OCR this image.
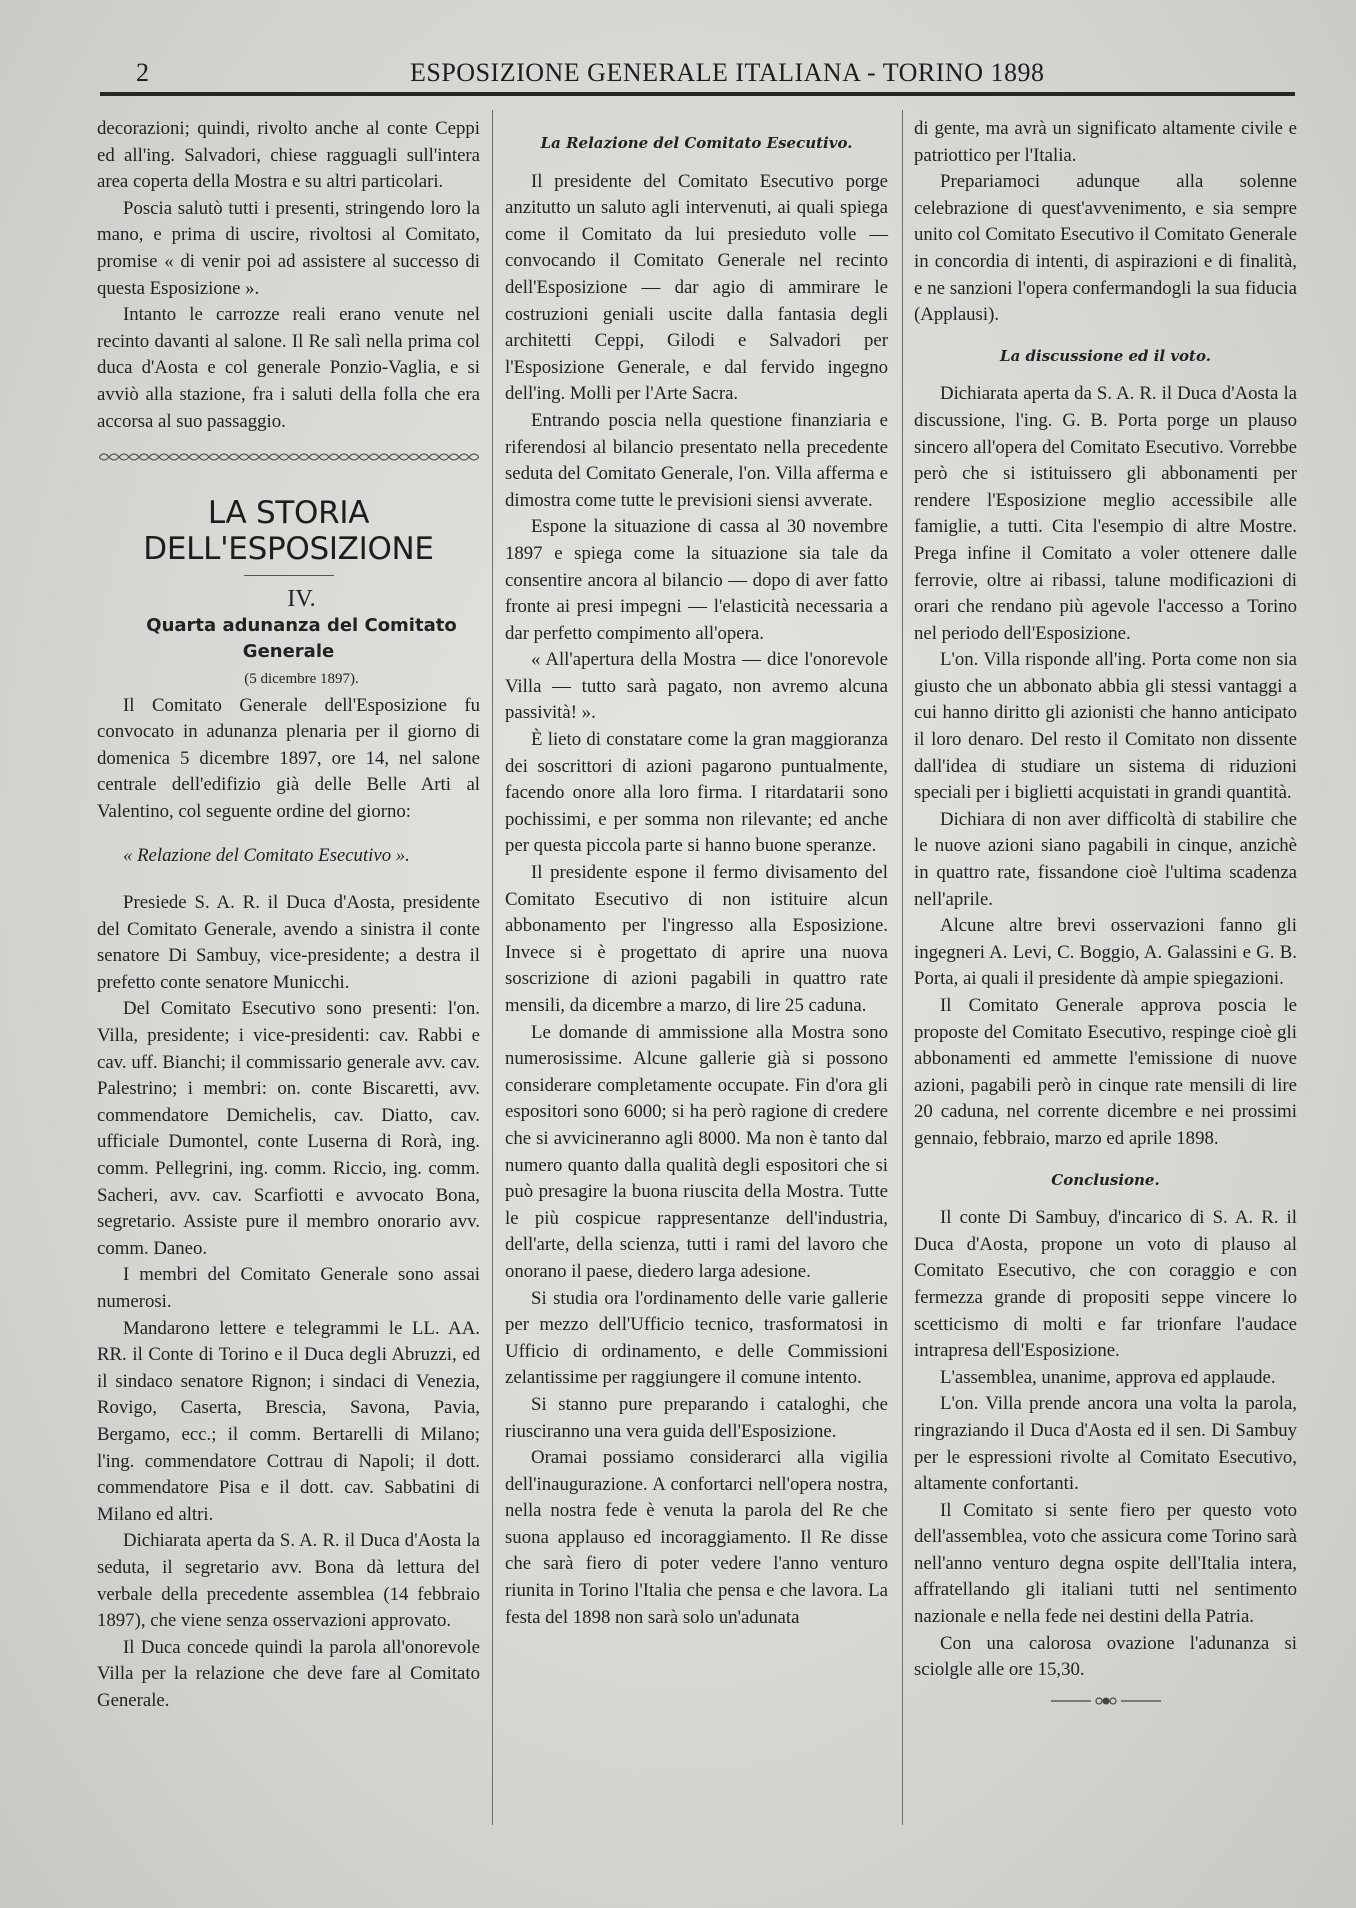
2	ESPOSIZIONE GENERALE ITALIANA - TORINO 1898

decorazioni; quindi, rivolto anche al conte Ceppi ed all'ing. Salvadori, chiese ragguagli sull'intera area coperta della Mostra e su altri particolari.

Poscia salutò tutti i presenti, stringendo loro la mano, e prima di uscire, rivoltosi al Comitato, promise « di venir poi ad assistere al successo di questa Esposizione ».

Intanto le carrozze reali erano venute nel recinto davanti al salone. Il Re salì nella prima col duca d'Aosta e col generale Ponzio-Vaglia, e si avviò alla stazione, fra i saluti della folla che era accorsa al suo passaggio.

LA STORIA DELL'ESPOSIZIONE

IV.

Quarta adunanza del Comitato Generale

(5 dicembre 1897).

Il Comitato Generale dell'Esposizione fu convocato in adunanza plenaria per il giorno di domenica 5 dicembre 1897, ore 14, nel salone centrale dell'edifizio già delle Belle Arti al Valentino, col seguente ordine del giorno:

« Relazione del Comitato Esecutivo ».

Presiede S. A. R. il Duca d'Aosta, presidente del Comitato Generale, avendo a sinistra il conte senatore Di Sambuy, vice-presidente; a destra il prefetto conte senatore Municchi.

Del Comitato Esecutivo sono presenti: l'on. Villa, presidente; i vice-presidenti: cav. Rabbi e cav. uff. Bianchi; il commissario generale avv. cav. Palestrino; i membri: on. conte Biscaretti, avv. commendatore Demichelis, cav. Diatto, cav. ufficiale Dumontel, conte Luserna di Rorà, ing. comm. Pellegrini, ing. comm. Riccio, ing. comm. Sacheri, avv. cav. Scarfiotti e avvocato Bona, segretario. Assiste pure il membro onorario avv. comm. Daneo.

I membri del Comitato Generale sono assai numerosi.

Mandarono lettere e telegrammi le LL. AA. RR. il Conte di Torino e il Duca degli Abruzzi, ed il sindaco senatore Rignon; i sindaci di Venezia, Rovigo, Caserta, Brescia, Savona, Pavia, Bergamo, ecc.; il comm. Bertarelli di Milano; l'ing. commendatore Cottrau di Napoli; il dott. commendatore Pisa e il dott. cav. Sabbatini di Milano ed altri.

Dichiarata aperta da S. A. R. il Duca d'Aosta la seduta, il segretario avv. Bona dà lettura del verbale della precedente assemblea (14 febbraio 1897), che viene senza osservazioni approvato.

Il Duca concede quindi la parola all'onorevole Villa per la relazione che deve fare al Comitato Generale.

La Relazione del Comitato Esecutivo.

Il presidente del Comitato Esecutivo porge anzitutto un saluto agli intervenuti, ai quali spiega come il Comitato da lui presieduto volle — convocando il Comitato Generale nel recinto dell'Esposizione — dar agio di ammirare le costruzioni geniali uscite dalla fantasia degli architetti Ceppi, Gilodi e Salvadori per l'Esposizione Generale, e dal fervido ingegno dell'ing. Molli per l'Arte Sacra.

Entrando poscia nella questione finanziaria e riferendosi al bilancio presentato nella precedente seduta del Comitato Generale, l'on. Villa afferma e dimostra come tutte le previsioni siensi avverate.

Espone la situazione di cassa al 30 novembre 1897 e spiega come la situazione sia tale da consentire ancora al bilancio — dopo di aver fatto fronte ai presi impegni — l'elasticità necessaria a dar perfetto compimento all'opera.

« All'apertura della Mostra — dice l'onorevole Villa — tutto sarà pagato, non avremo alcuna passività! ».

È lieto di constatare come la gran maggioranza dei soscrittori di azioni pagarono puntualmente, facendo onore alla loro firma. I ritardatarii sono pochissimi, e per somma non rilevante; ed anche per questa piccola parte si hanno buone speranze.

Il presidente espone il fermo divisamento del Comitato Esecutivo di non istituire alcun abbonamento per l'ingresso alla Esposizione. Invece si è progettato di aprire una nuova soscrizione di azioni pagabili in quattro rate mensili, da dicembre a marzo, di lire 25 caduna.

Le domande di ammissione alla Mostra sono numerosissime. Alcune gallerie già si possono considerare completamente occupate. Fin d'ora gli espositori sono 6000; si ha però ragione di credere che si avvicineranno agli 8000. Ma non è tanto dal numero quanto dalla qualità degli espositori che si può presagire la buona riuscita della Mostra. Tutte le più cospicue rappresentanze dell'industria, dell'arte, della scienza, tutti i rami del lavoro che onorano il paese, diedero larga adesione.

Si studia ora l'ordinamento delle varie gallerie per mezzo dell'Ufficio tecnico, trasformatosi in Ufficio di ordinamento, e delle Commissioni zelantissime per raggiungere il comune intento.

Si stanno pure preparando i cataloghi, che riusciranno una vera guida dell'Esposizione.

Oramai possiamo considerarci alla vigilia dell'inaugurazione. A confortarci nell'opera nostra, nella nostra fede è venuta la parola del Re che suona applauso ed incoraggiamento. Il Re disse che sarà fiero di poter vedere l'anno venturo riunita in Torino l'Italia che pensa e che lavora. La festa del 1898 non sarà solo un'adunata

di gente, ma avrà un significato altamente civile e patriottico per l'Italia.

Prepariamoci adunque alla solenne celebrazione di quest'avvenimento, e sia sempre unito col Comitato Esecutivo il Comitato Generale in concordia di intenti, di aspirazioni e di finalità, e ne sanzioni l'opera confermandogli la sua fiducia (Applausi).

La discussione ed il voto.

Dichiarata aperta da S. A. R. il Duca d'Aosta la discussione, l'ing. G. B. Porta porge un plauso sincero all'opera del Comitato Esecutivo. Vorrebbe però che si istituissero gli abbonamenti per rendere l'Esposizione meglio accessibile alle famiglie, a tutti. Cita l'esempio di altre Mostre. Prega infine il Comitato a voler ottenere dalle ferrovie, oltre ai ribassi, talune modificazioni di orari che rendano più agevole l'accesso a Torino nel periodo dell'Esposizione.

L'on. Villa risponde all'ing. Porta come non sia giusto che un abbonato abbia gli stessi vantaggi a cui hanno diritto gli azionisti che hanno anticipato il loro denaro. Del resto il Comitato non dissente dall'idea di studiare un sistema di riduzioni speciali per i biglietti acquistati in grandi quantità.

Dichiara di non aver difficoltà di stabilire che le nuove azioni siano pagabili in cinque, anzichè in quattro rate, fissandone cioè l'ultima scadenza nell'aprile.

Alcune altre brevi osservazioni fanno gli ingegneri A. Levi, C. Boggio, A. Galassini e G. B. Porta, ai quali il presidente dà ampie spiegazioni.

Il Comitato Generale approva poscia le proposte del Comitato Esecutivo, respinge cioè gli abbonamenti ed ammette l'emissione di nuove azioni, pagabili però in cinque rate mensili di lire 20 caduna, nel corrente dicembre e nei prossimi gennaio, febbraio, marzo ed aprile 1898.

Conclusione.

Il conte Di Sambuy, d'incarico di S. A. R. il Duca d'Aosta, propone un voto di plauso al Comitato Esecutivo, che con coraggio e con fermezza grande di propositi seppe vincere lo scetticismo di molti e far trionfare l'audace intrapresa dell'Esposizione.

L'assemblea, unanime, approva ed applaude.

L'on. Villa prende ancora una volta la parola, ringraziando il Duca d'Aosta ed il sen. Di Sambuy per le espressioni rivolte al Comitato Esecutivo, altamente confortanti.

Il Comitato si sente fiero per questo voto dell'assemblea, voto che assicura come Torino sarà nell'anno venturo degna ospite dell'Italia intera, affratellando gli italiani tutti nel sentimento nazionale e nella fede nei destini della Patria.

Con una calorosa ovazione l'adunanza si sciolgle alle ore 15,30.
